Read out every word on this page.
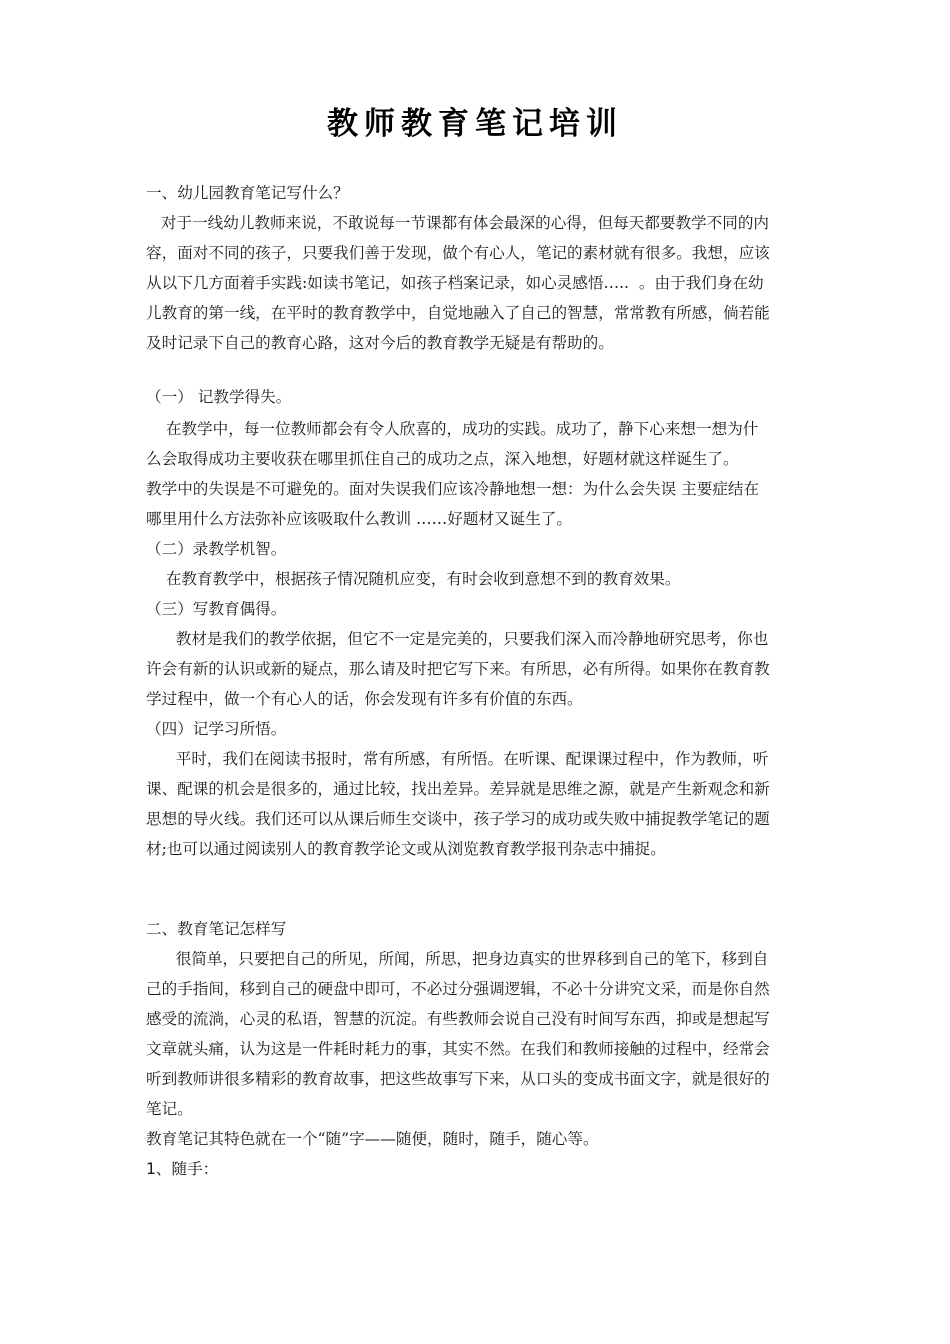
教师教育笔记培训
一、幼儿园教育笔记写什么？
对于一线幼儿教师来说，不敢说每一节课都有体会最深的心得，但每天都要教学不同的内
容，面对不同的孩子，只要我们善于发现，做个有心人，笔记的素材就有很多。我想，应该
从以下几方面着手实践:如读书笔记，如孩子档案记录，如心灵感悟…..  。由于我们身在幼
儿教育的第一线，在平时的教育教学中，自觉地融入了自己的智慧，常常教有所感，倘若能
及时记录下自己的教育心路，这对今后的教育教学无疑是有帮助的。
（一） 记教学得失。
在教学中，每一位教师都会有令人欣喜的，成功的实践。成功了，静下心来想一想为什
么会取得成功主要收获在哪里抓住自己的成功之点，深入地想，好题材就这样诞生了。
教学中的失误是不可避免的。面对失误我们应该冷静地想一想：为什么会失误 主要症结在
哪里用什么方法弥补应该吸取什么教训 ……好题材又诞生了。
（二）录教学机智。
在教育教学中，根据孩子情况随机应变，有时会收到意想不到的教育效果。
（三）写教育偶得。
教材是我们的教学依据，但它不一定是完美的，只要我们深入而冷静地研究思考，你也
许会有新的认识或新的疑点，那么请及时把它写下来。有所思，必有所得。如果你在教育教
学过程中，做一个有心人的话，你会发现有许多有价值的东西。
（四）记学习所悟。
平时，我们在阅读书报时，常有所感，有所悟。在听课、配课课过程中，作为教师，听
课、配课的机会是很多的，通过比较，找出差异。差异就是思维之源，就是产生新观念和新
思想的导火线。我们还可以从课后师生交谈中，孩子学习的成功或失败中捕捉教学笔记的题
材;也可以通过阅读别人的教育教学论文或从浏览教育教学报刊杂志中捕捉。
二、教育笔记怎样写
很简单，只要把自己的所见，所闻，所思，把身边真实的世界移到自己的笔下，移到自
己的手指间，移到自己的硬盘中即可，不必过分强调逻辑，不必十分讲究文采，而是你自然
感受的流淌，心灵的私语，智慧的沉淀。有些教师会说自己没有时间写东西，抑或是想起写
文章就头痛，认为这是一件耗时耗力的事，其实不然。在我们和教师接触的过程中，经常会
听到教师讲很多精彩的教育故事，把这些故事写下来，从口头的变成书面文字，就是很好的
笔记。
教育笔记其特色就在一个“随”字——随便，随时，随手，随心等。
1、随手：
